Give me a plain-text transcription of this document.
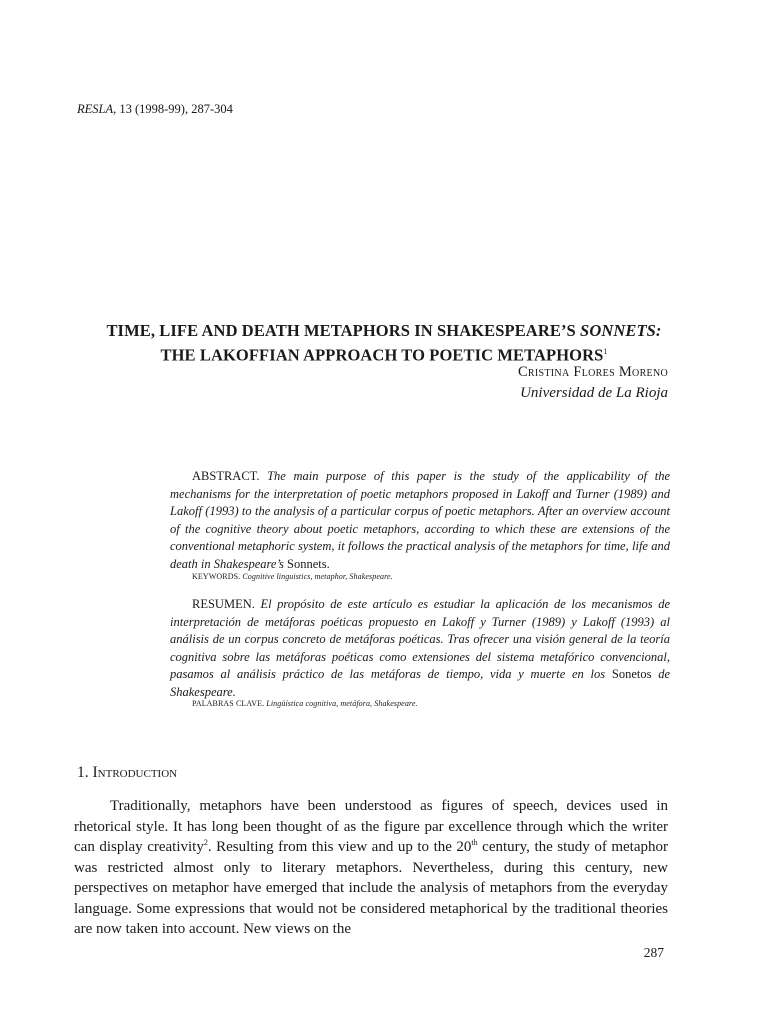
RESLA, 13 (1998-99), 287-304
TIME, LIFE AND DEATH METAPHORS IN SHAKESPEARE’S SONNETS:
THE LAKOFFIAN APPROACH TO POETIC METAPHORS$^1$
Cristina Flores Moreno
Universidad de La Rioja
ABSTRACT. The main purpose of this paper is the study of the applicability of the mechanisms for the interpretation of poetic metaphors proposed in Lakoff and Turner (1989) and Lakoff (1993) to the analysis of a particular corpus of poetic metaphors. After an overview account of the cognitive theory about poetic metaphors, according to which these are extensions of the conventional metaphoric system, it follows the practical analysis of the metaphors for time, life and death in Shakespeare’s Sonnets.
KEYWORDS. Cognitive linguistics, metaphor, Shakespeare.
RESUMEN. El propósito de este artículo es estudiar la aplicación de los mecanismos de interpretación de metáforas poéticas propuesto en Lakoff y Turner (1989) y Lakoff (1993) al análisis de un corpus concreto de metáforas poéticas. Tras ofrecer una visión general de la teoría cognitiva sobre las metáforas poéticas como extensiones del sistema metafórico convencional, pasamos al análisis práctico de las metáforas de tiempo, vida y muerte en los Sonetos de Shakespeare.
PALABRAS CLAVE. Lingüística cognitiva, metáfora, Shakespeare.
1. Introduction
Traditionally, metaphors have been understood as figures of speech, devices used in rhetorical style. It has long been thought of as the figure par excellence through which the writer can display creativity$^2$. Resulting from this view and up to the 20th century, the study of metaphor was restricted almost only to literary metaphors. Nevertheless, during this century, new perspectives on metaphor have emerged that include the analysis of metaphors from the everyday language. Some expressions that would not be considered metaphorical by the traditional theories are now taken into account. New views on the
287
